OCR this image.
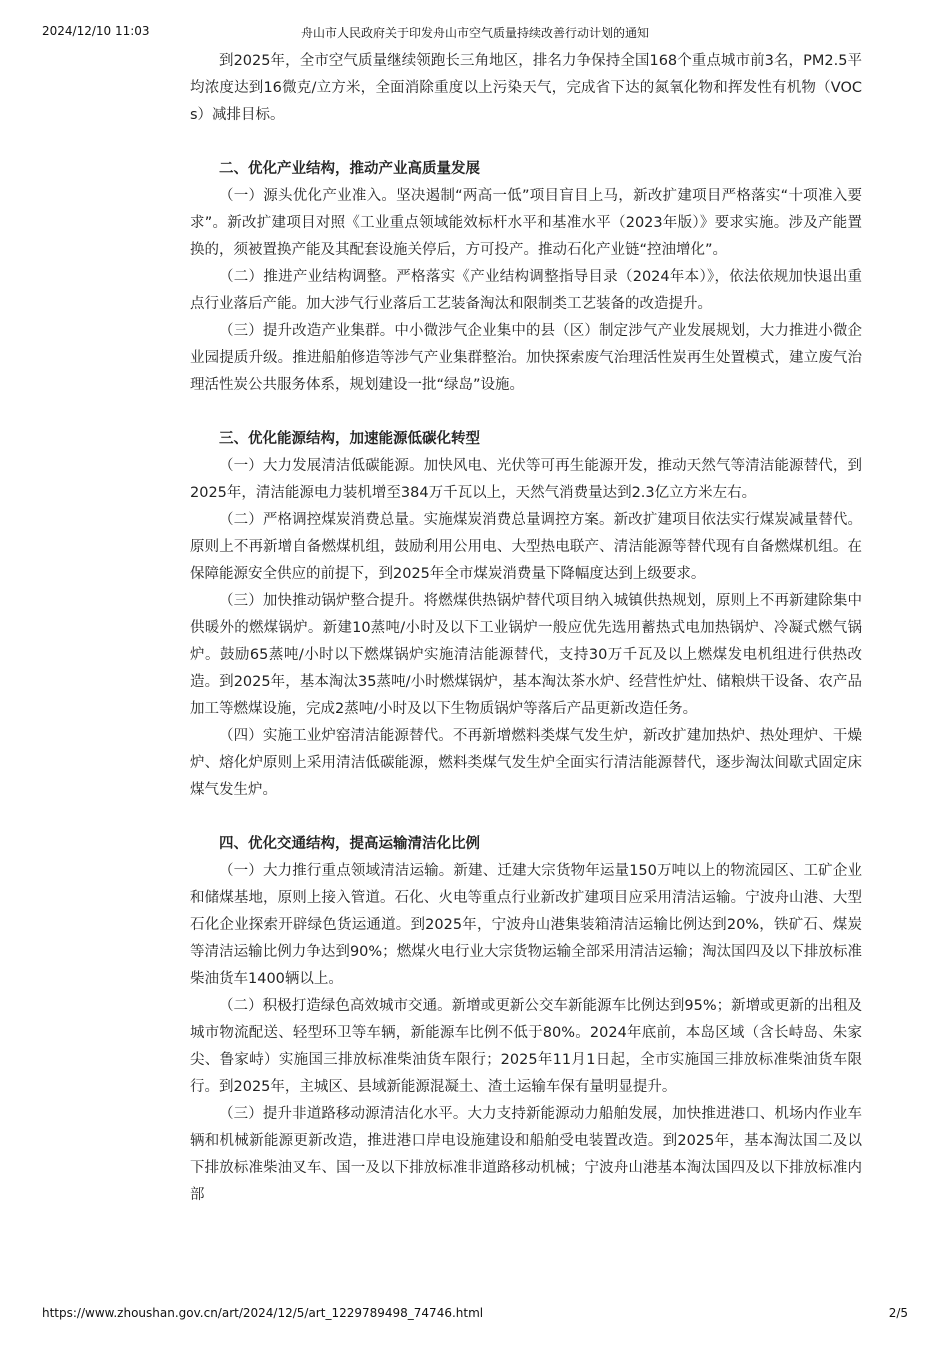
2024/12/10 11:03	舟山市人民政府关于印发舟山市空气质量持续改善行动计划的通知

到2025年，全市空气质量继续领跑长三角地区，排名力争保持全国168个重点城市前3名，PM2.5平均浓度达到16微克/立方米，全面消除重度以上污染天气，完成省下达的氮氧化物和挥发性有机物（VOCs）减排目标。

二、优化产业结构，推动产业高质量发展

（一）源头优化产业准入。坚决遏制“两高一低”项目盲目上马，新改扩建项目严格落实“十项准入要求”。新改扩建项目对照《工业重点领域能效标杆水平和基准水平（2023年版）》要求实施。涉及产能置换的，须被置换产能及其配套设施关停后，方可投产。推动石化产业链“控油增化”。

（二）推进产业结构调整。严格落实《产业结构调整指导目录（2024年本）》，依法依规加快退出重点行业落后产能。加大涉气行业落后工艺装备淘汰和限制类工艺装备的改造提升。

（三）提升改造产业集群。中小微涉气企业集中的县（区）制定涉气产业发展规划，大力推进小微企业园提质升级。推进船舶修造等涉气产业集群整治。加快探索废气治理活性炭再生处置模式，建立废气治理活性炭公共服务体系，规划建设一批“绿岛”设施。

三、优化能源结构，加速能源低碳化转型

（一）大力发展清洁低碳能源。加快风电、光伏等可再生能源开发，推动天然气等清洁能源替代，到2025年，清洁能源电力装机增至384万千瓦以上，天然气消费量达到2.3亿立方米左右。

（二）严格调控煤炭消费总量。实施煤炭消费总量调控方案。新改扩建项目依法实行煤炭减量替代。原则上不再新增自备燃煤机组，鼓励利用公用电、大型热电联产、清洁能源等替代现有自备燃煤机组。在保障能源安全供应的前提下，到2025年全市煤炭消费量下降幅度达到上级要求。

（三）加快推动锅炉整合提升。将燃煤供热锅炉替代项目纳入城镇供热规划，原则上不再新建除集中供暖外的燃煤锅炉。新建10蒸吨/小时及以下工业锅炉一般应优先选用蓄热式电加热锅炉、冷凝式燃气锅炉。鼓励65蒸吨/小时以下燃煤锅炉实施清洁能源替代，支持30万千瓦及以上燃煤发电机组进行供热改造。到2025年，基本淘汰35蒸吨/小时燃煤锅炉，基本淘汰茶水炉、经营性炉灶、储粮烘干设备、农产品加工等燃煤设施，完成2蒸吨/小时及以下生物质锅炉等落后产品更新改造任务。

（四）实施工业炉窑清洁能源替代。不再新增燃料类煤气发生炉，新改扩建加热炉、热处理炉、干燥炉、熔化炉原则上采用清洁低碳能源，燃料类煤气发生炉全面实行清洁能源替代，逐步淘汰间歇式固定床煤气发生炉。

四、优化交通结构，提高运输清洁化比例

（一）大力推行重点领域清洁运输。新建、迁建大宗货物年运量150万吨以上的物流园区、工矿企业和储煤基地，原则上接入管道。石化、火电等重点行业新改扩建项目应采用清洁运输。宁波舟山港、大型石化企业探索开辟绿色货运通道。到2025年，宁波舟山港集装箱清洁运输比例达到20%，铁矿石、煤炭等清洁运输比例力争达到90%；燃煤火电行业大宗货物运输全部采用清洁运输；淘汰国四及以下排放标准柴油货车1400辆以上。

（二）积极打造绿色高效城市交通。新增或更新公交车新能源车比例达到95%；新增或更新的出租及城市物流配送、轻型环卫等车辆，新能源车比例不低于80%。2024年底前，本岛区域（含长峙岛、朱家尖、鲁家峙）实施国三排放标准柴油货车限行；2025年11月1日起，全市实施国三排放标准柴油货车限行。到2025年，主城区、县域新能源混凝土、渣土运输车保有量明显提升。

（三）提升非道路移动源清洁化水平。大力支持新能源动力船舶发展，加快推进港口、机场内作业车辆和机械新能源更新改造，推进港口岸电设施建设和船舶受电装置改造。到2025年，基本淘汰国二及以下排放标准柴油叉车、国一及以下排放标准非道路移动机械；宁波舟山港基本淘汰国四及以下排放标准内部

https://www.zhoushan.gov.cn/art/2024/12/5/art_1229789498_74746.html	2/5
